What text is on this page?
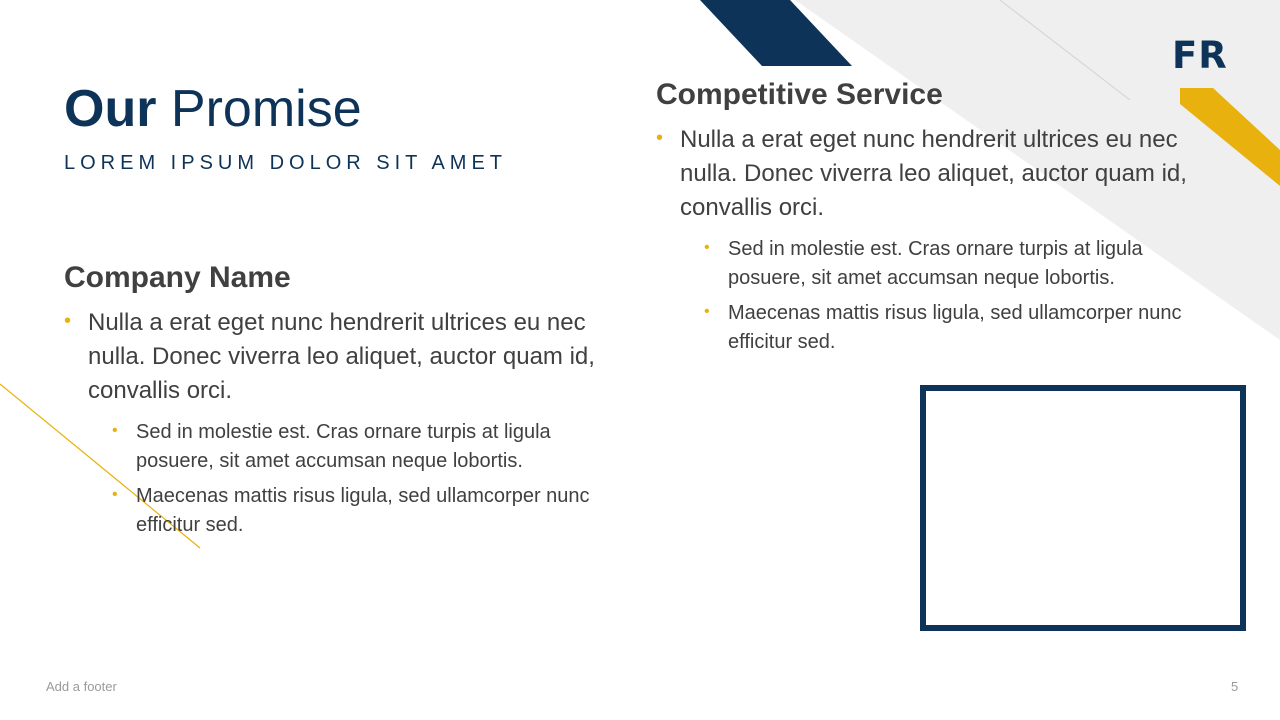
FR
Our Promise
LOREM IPSUM DOLOR SIT AMET
Company Name
• Nulla a erat eget nunc hendrerit ultrices eu nec nulla. Donec viverra leo aliquet, auctor quam id, convallis orci.
• Sed in molestie est. Cras ornare turpis at ligula posuere, sit amet accumsan neque lobortis.
• Maecenas mattis risus ligula, sed ullamcorper nunc efficitur sed.
Competitive Service
• Nulla a erat eget nunc hendrerit ultrices eu nec nulla. Donec viverra leo aliquet, auctor quam id, convallis orci.
• Sed in molestie est. Cras ornare turpis at ligula posuere, sit amet accumsan neque lobortis.
• Maecenas mattis risus ligula, sed ullamcorper nunc efficitur sed.
Add a footer	5
